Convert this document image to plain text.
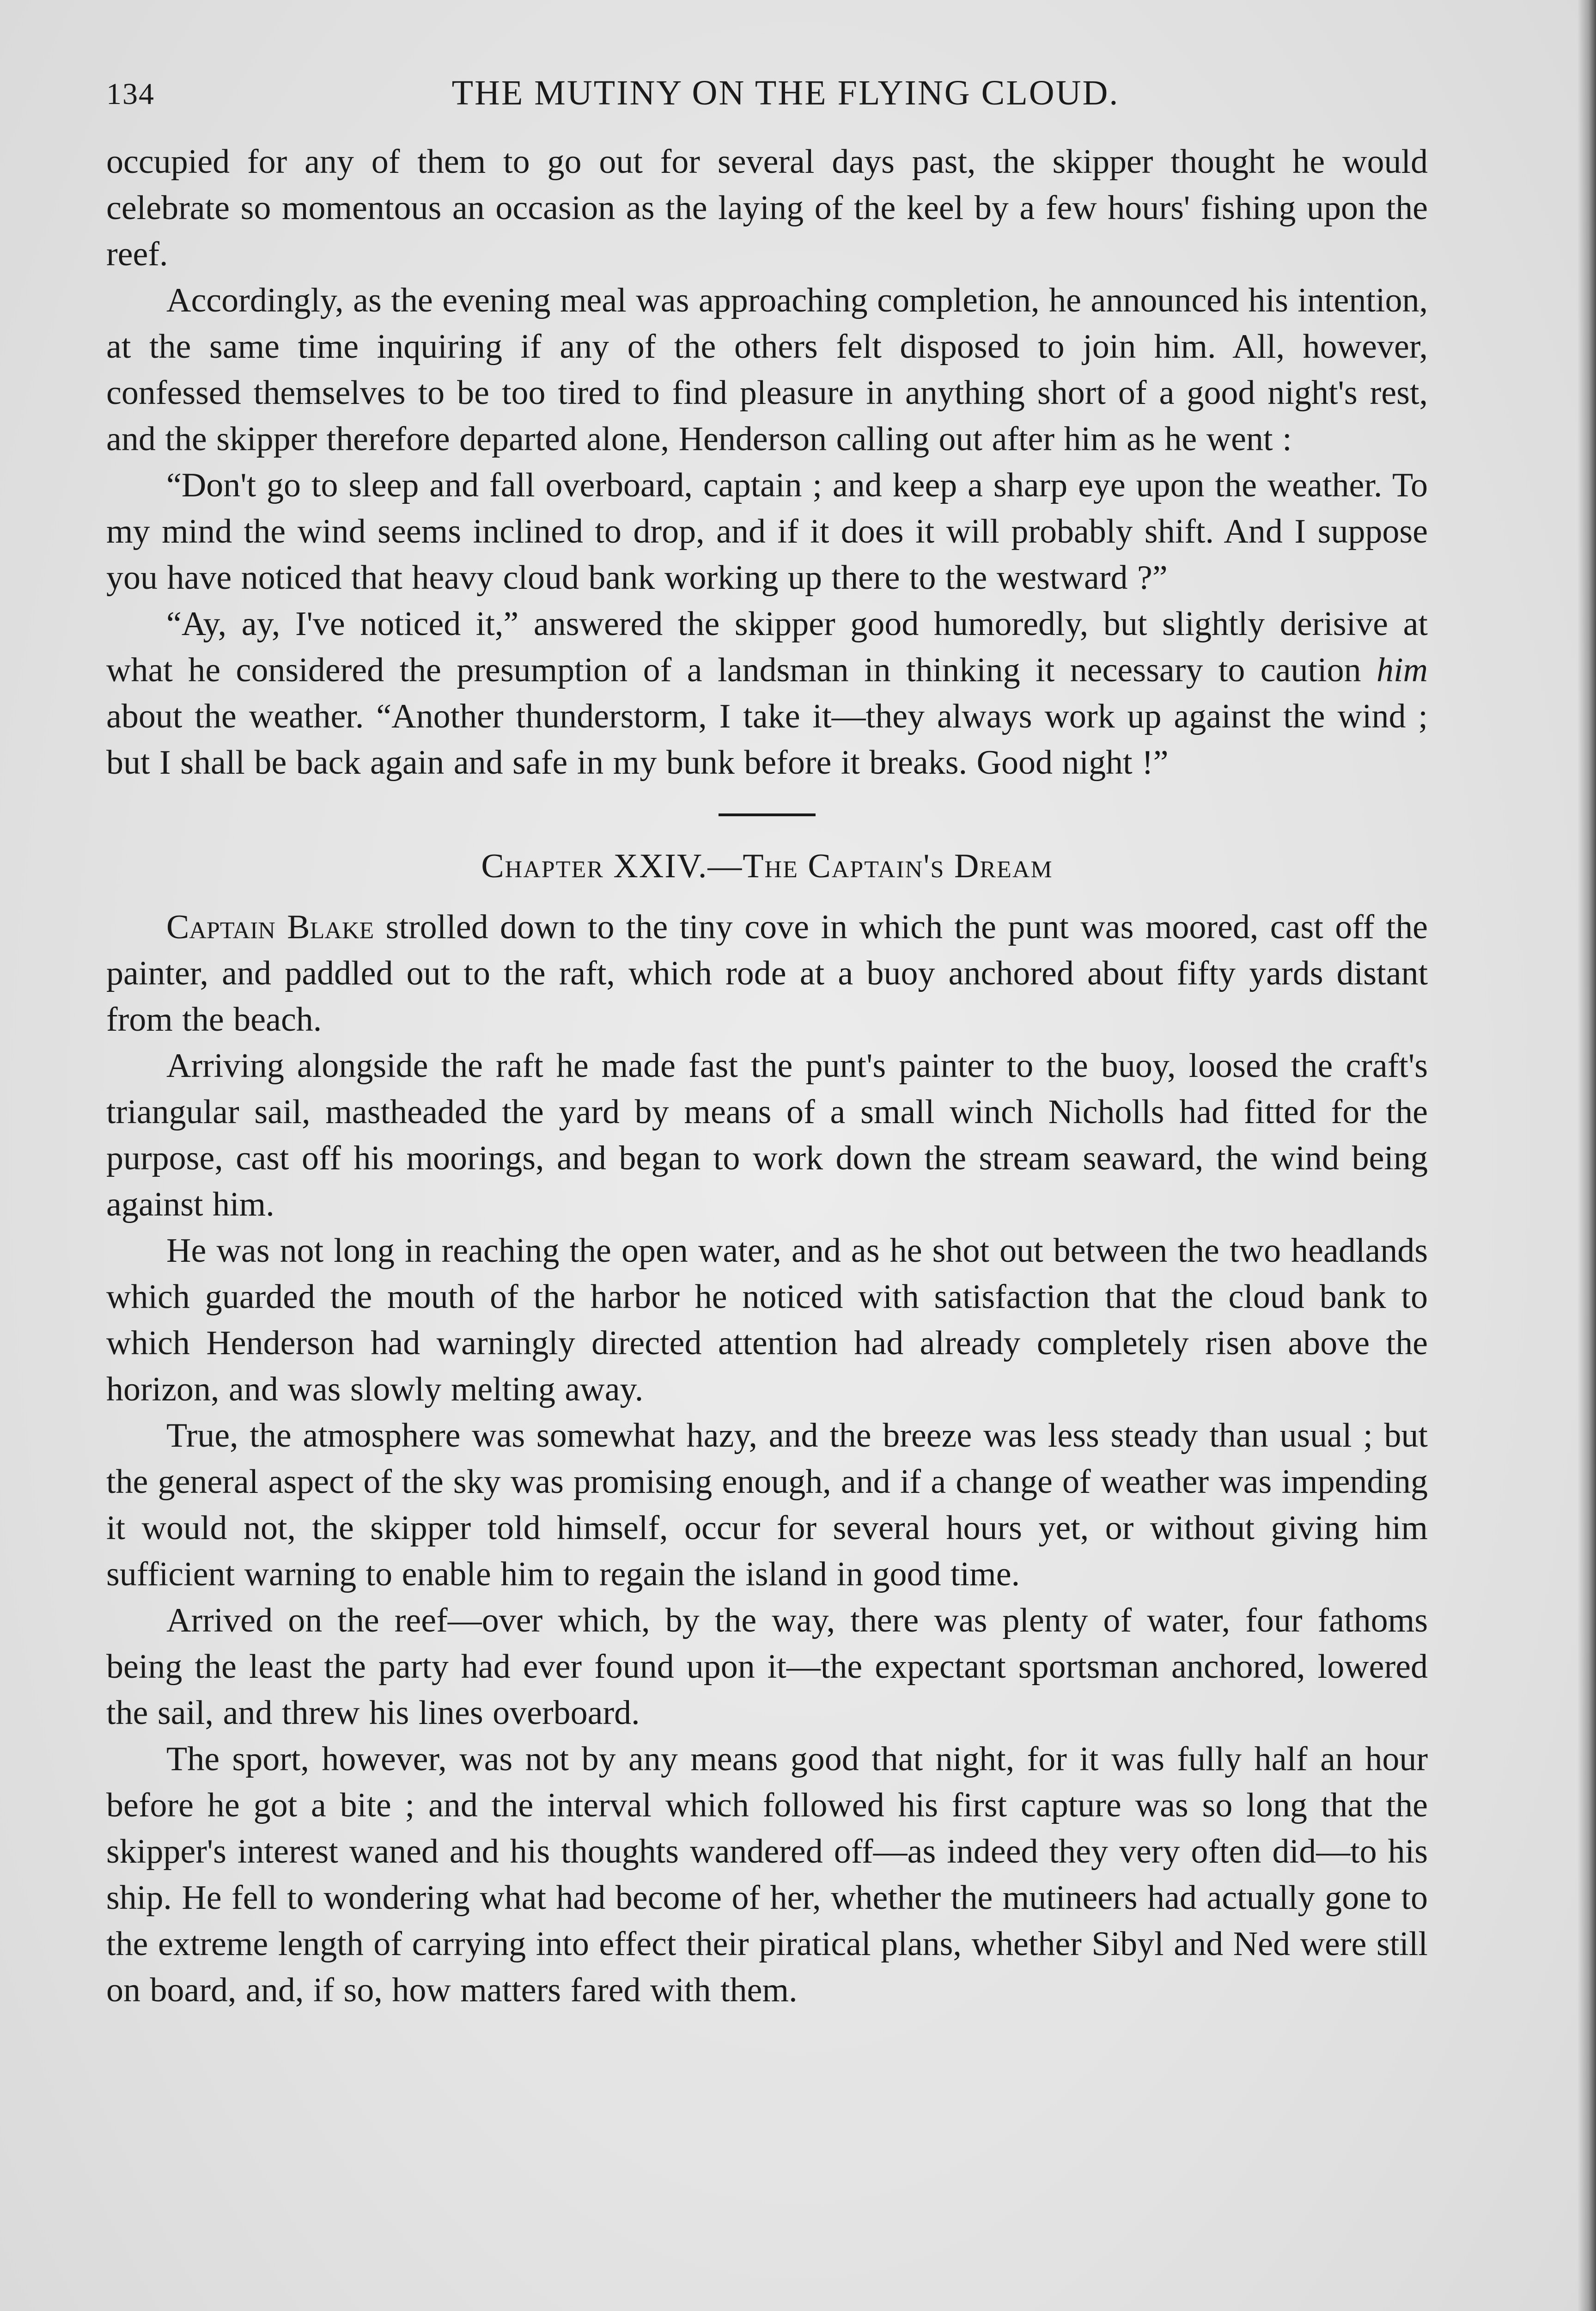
134	THE MUTINY ON THE FLYING CLOUD.

occupied for any of them to go out for several days past, the skipper thought he would celebrate so momentous an occasion as the laying of the keel by a few hours' fishing upon the reef.

Accordingly, as the evening meal was approaching completion, he announced his intention, at the same time inquiring if any of the others felt disposed to join him. All, however, confessed themselves to be too tired to find pleasure in anything short of a good night's rest, and the skipper therefore departed alone, Henderson calling out after him as he went :

“Don't go to sleep and fall overboard, captain ; and keep a sharp eye upon the weather. To my mind the wind seems inclined to drop, and if it does it will probably shift. And I suppose you have noticed that heavy cloud bank working up there to the westward ?”

“Ay, ay, I've noticed it,” answered the skipper good humoredly, but slightly derisive at what he considered the presumption of a landsman in thinking it necessary to caution him about the weather. “Another thunderstorm, I take it—they always work up against the wind ; but I shall be back again and safe in my bunk before it breaks. Good night !”

Chapter XXIV.—The Captain's Dream

Captain Blake strolled down to the tiny cove in which the punt was moored, cast off the painter, and paddled out to the raft, which rode at a buoy anchored about fifty yards distant from the beach.

Arriving alongside the raft he made fast the punt's painter to the buoy, loosed the craft's triangular sail, mastheaded the yard by means of a small winch Nicholls had fitted for the purpose, cast off his moorings, and began to work down the stream seaward, the wind being against him.

He was not long in reaching the open water, and as he shot out between the two headlands which guarded the mouth of the harbor he noticed with satisfaction that the cloud bank to which Henderson had warningly directed attention had already completely risen above the horizon, and was slowly melting away.

True, the atmosphere was somewhat hazy, and the breeze was less steady than usual ; but the general aspect of the sky was promising enough, and if a change of weather was impending it would not, the skipper told himself, occur for several hours yet, or without giving him sufficient warning to enable him to regain the island in good time.

Arrived on the reef—over which, by the way, there was plenty of water, four fathoms being the least the party had ever found upon it—the expectant sportsman anchored, lowered the sail, and threw his lines overboard.

The sport, however, was not by any means good that night, for it was fully half an hour before he got a bite ; and the interval which followed his first capture was so long that the skipper's interest waned and his thoughts wandered off—as indeed they very often did—to his ship. He fell to wondering what had become of her, whether the mutineers had actually gone to the extreme length of carrying into effect their piratical plans, whether Sibyl and Ned were still on board, and, if so, how matters fared with them.
